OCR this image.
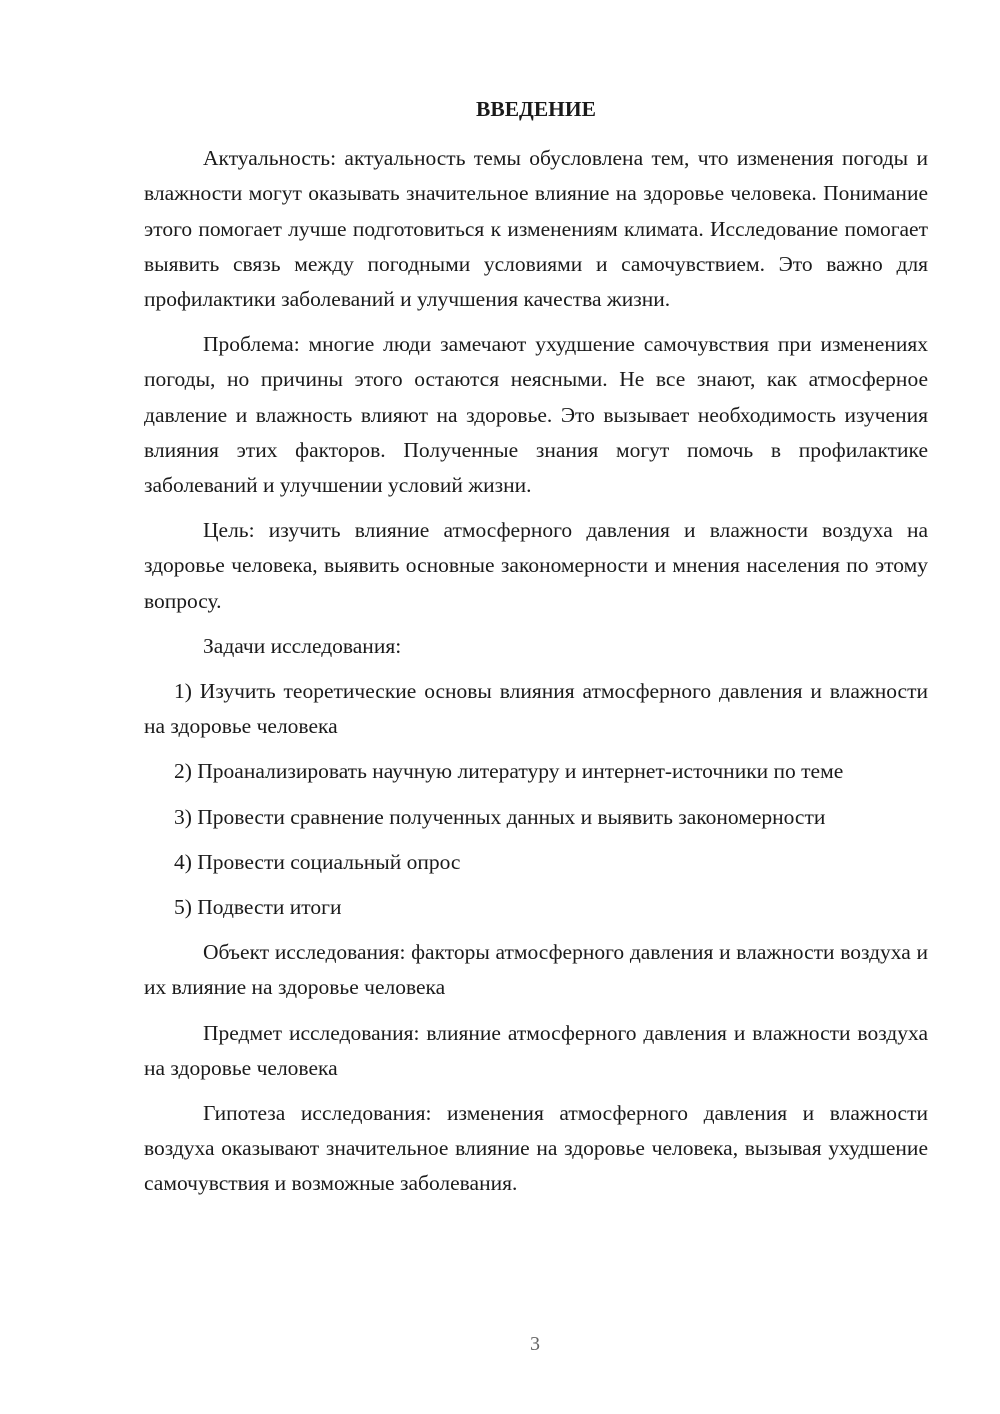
ВВЕДЕНИЕ

Актуальность: актуальность темы обусловлена тем, что изменения погоды и влажности могут оказывать значительное влияние на здоровье человека. Понимание этого помогает лучше подготовиться к изменениям климата. Исследование помогает выявить связь между погодными условиями и самочувствием. Это важно для профилактики заболеваний и улучшения качества жизни.

Проблема: многие люди замечают ухудшение самочувствия при изменениях погоды, но причины этого остаются неясными. Не все знают, как атмосферное давление и влажность влияют на здоровье. Это вызывает необходимость изучения влияния этих факторов. Полученные знания могут помочь в профилактике заболеваний и улучшении условий жизни.

Цель: изучить влияние атмосферного давления и влажности воздуха на здоровье человека, выявить основные закономерности и мнения населения по этому вопросу.

Задачи исследования:

1) Изучить теоретические основы влияния атмосферного давления и влажности на здоровье человека

2) Проанализировать научную литературу и интернет-источники по теме

3) Провести сравнение полученных данных и выявить закономерности

4) Провести социальный опрос

5) Подвести итоги

Объект исследования: факторы атмосферного давления и влажности воздуха и их влияние на здоровье человека

Предмет исследования: влияние атмосферного давления и влажности воздуха на здоровье человека

Гипотеза исследования: изменения атмосферного давления и влажности воздуха оказывают значительное влияние на здоровье человека, вызывая ухудшение самочувствия и возможные заболевания.

3
